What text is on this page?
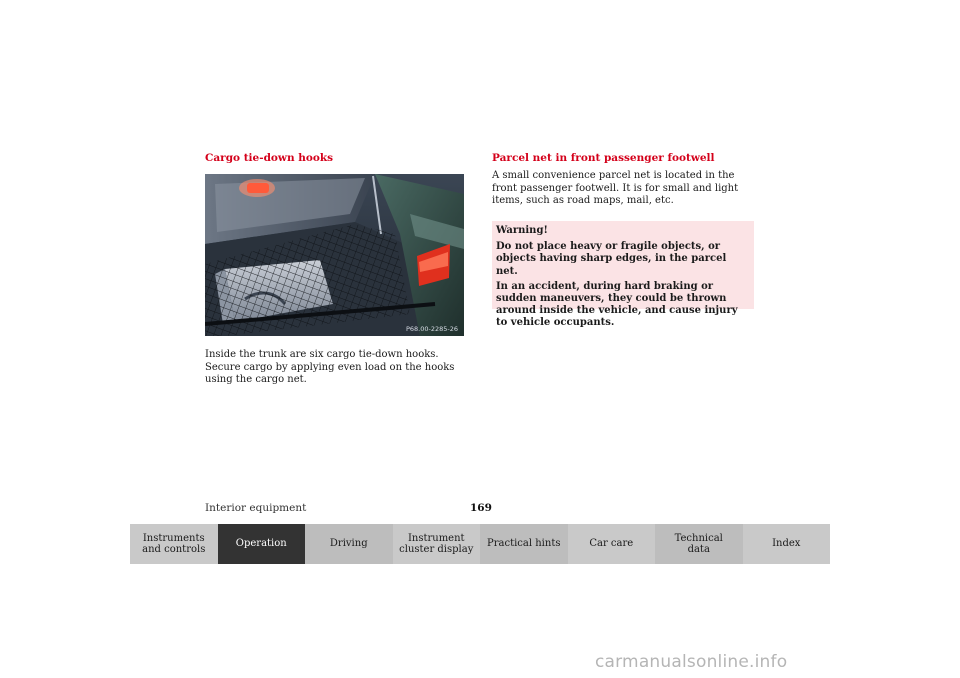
Cargo tie-down hooks
P68.00-2285-26
Inside the trunk are six cargo tie-down hooks. Secure cargo by applying even load on the hooks using the cargo net.
Parcel net in front passenger footwell
A small convenience parcel net is located in the front passenger footwell. It is for small and light items, such as road maps, mail, etc.

Warning!

Do not place heavy or fragile objects, or objects having sharp edges, in the parcel net.

In an accident, during hard braking or sudden maneuvers, they could be thrown around inside the vehicle, and cause injury to vehicle occupants.

Interior equipment	169
Instruments
and controls
Operation	Driving
Instrument
cluster display
Practical hints	Car care
Technical
data
Index
carmanualsonline.info
